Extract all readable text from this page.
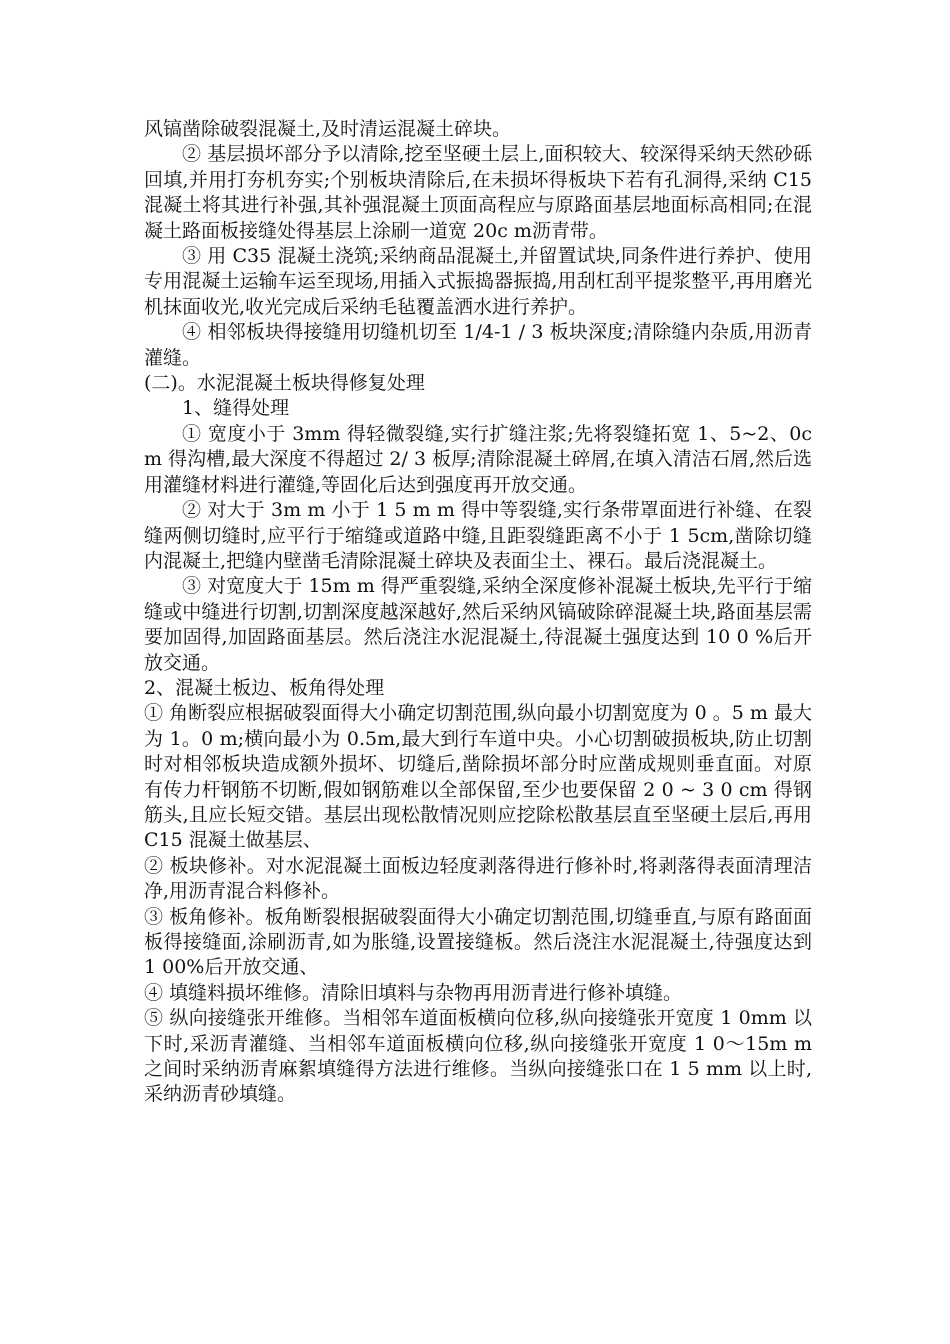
风镐凿除破裂混凝土,及时清运混凝土碎块。

② 基层损坏部分予以清除,挖至坚硬土层上,面积较大、较深得采纳天然砂砾回填,并用打夯机夯实;个别板块清除后,在未损坏得板块下若有孔洞得,采纳 C15 混凝土将其进行补强,其补强混凝土顶面高程应与原路面基层地面标高相同;在混凝土路面板接缝处得基层上涂刷一道宽 20c m沥青带。

③ 用 C35 混凝土浇筑;采纳商品混凝土,并留置试块,同条件进行养护、使用专用混凝土运输车运至现场,用插入式振捣器振捣,用刮杠刮平提浆整平,再用磨光机抹面收光,收光完成后采纳毛毡覆盖洒水进行养护。

④ 相邻板块得接缝用切缝机切至 1/4-1 / 3 板块深度;清除缝内杂质,用沥青灌缝。

(二)。水泥混凝土板块得修复处理

1、缝得处理

① 宽度小于 3mm 得轻微裂缝,实行扩缝注浆;先将裂缝拓宽 1、5~2、0cm 得沟槽,最大深度不得超过 2/ 3 板厚;清除混凝土碎屑,在填入清洁石屑,然后选用灌缝材料进行灌缝,等固化后达到强度再开放交通。

② 对大于 3m m 小于 1 5 m m 得中等裂缝,实行条带罩面进行补缝、在裂缝两侧切缝时,应平行于缩缝或道路中缝,且距裂缝距离不小于 1 5cm,凿除切缝内混凝土,把缝内壁凿毛清除混凝土碎块及表面尘土、裸石。最后浇混凝土。

③ 对宽度大于 15m m 得严重裂缝,采纳全深度修补混凝土板块,先平行于缩缝或中缝进行切割,切割深度越深越好,然后采纳风镐破除碎混凝土块,路面基层需要加固得,加固路面基层。然后浇注水泥混凝土,待混凝土强度达到 10 0 %后开放交通。

2、混凝土板边、板角得处理

① 角断裂应根据破裂面得大小确定切割范围,纵向最小切割宽度为 0 。5 m 最大为 1。0 m;横向最小为 0.5m,最大到行车道中央。小心切割破损板块,防止切割时对相邻板块造成额外损坏、切缝后,凿除损坏部分时应凿成规则垂直面。对原有传力杆钢筋不切断,假如钢筋难以全部保留,至少也要保留 2 0 ~ 3 0 cm 得钢筋头,且应长短交错。基层出现松散情况则应挖除松散基层直至坚硬土层后,再用 C15 混凝土做基层、

② 板块修补。对水泥混凝土面板边轻度剥落得进行修补时,将剥落得表面清理洁净,用沥青混合料修补。

③ 板角修补。板角断裂根据破裂面得大小确定切割范围,切缝垂直,与原有路面面板得接缝面,涂刷沥青,如为胀缝,设置接缝板。然后浇注水泥混凝土,待强度达到 1 00%后开放交通、

④ 填缝料损坏维修。清除旧填料与杂物再用沥青进行修补填缝。

⑤ 纵向接缝张开维修。当相邻车道面板横向位移,纵向接缝张开宽度 1 0mm 以下时,采沥青灌缝、当相邻车道面板横向位移,纵向接缝张开宽度 1 0～15m m 之间时采纳沥青麻絮填缝得方法进行维修。当纵向接缝张口在 1 5 mm 以上时,采纳沥青砂填缝。
